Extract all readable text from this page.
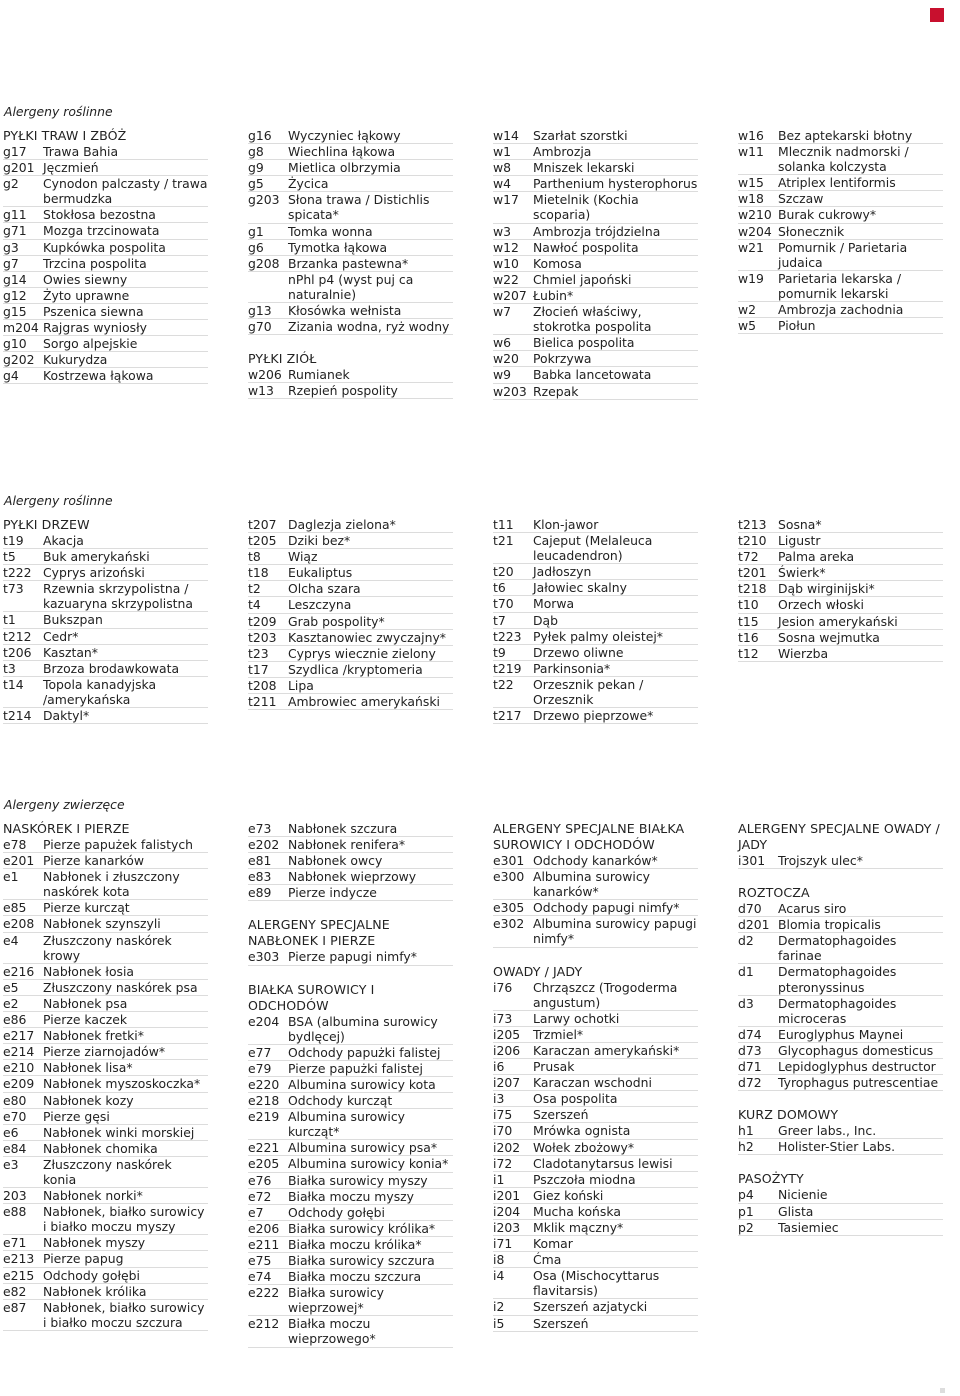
Alergeny roślinne
PYŁKI TRAW I ZBÓŻ
g17	Trawa Bahia
g201 Jęczmień
g2	Cynodon palczasty / trawa bermudzka
g11	Stokłosa bezostna
g71	Mozga trzcinowata
g3	Kupkówka pospolita
g7	Trzcina pospolita
g14	Owies siewny
g12	Żyto uprawne
g15	Pszenica siewna
m204 Rajgras wyniosły
g10	Sorgo alpejskie
g202 Kukurydza
g4	Kostrzewa łąkowa
g16	Wyczyniec łąkowy
g8	Wiechlina łąkowa
g9	Mietlica olbrzymia
g5	Życica
g203 Słona trawa / Distichlis spicata*
g1	Tomka wonna
g6	Tymotka łąkowa
g208 Brzanka pastewna*
nPhl p4 (wyst puj ca naturalnie)
g13	Kłosówka wełnista
g70	Zizania wodna, ryż wodny
PYŁKI ZIÓŁ
w206 Rumianek
w13	Rzepień pospolity
w14	Szarłat szorstki
w1	Ambrozja
w8	Mniszek lekarski
w4	Parthenium hysterophorus
w17	Mietelnik (Kochia scoparia)
w3	Ambrozja trójdzielna
w12	Nawłoć pospolita
w10	Komosa
w22	Chmiel japoński
w207 Łubin*
w7	Złocień właściwy, stokrotka pospolita
w6	Bielica pospolita
w20	Pokrzywa
w9	Babka lancetowata
w203 Rzepak
w16	Bez aptekarski błotny
w11	Mlecznik nadmorski / solanka kolczysta
w15	Atriplex lentiformis
w18	Szczaw
w210 Burak cukrowy*
w204 Słonecznik
w21	Pomurnik / Parietaria judaica
w19	Parietaria lekarska / pomurnik lekarski
w2	Ambrozja zachodnia
w5	Piołun
Alergeny roślinne
PYŁKI DRZEW
t19	Akacja
t5	Buk amerykański
t222 Cyprys arizoński
t73	Rzewnia skrzypolistna / kazuaryna skrzypolistna
t1	Bukszpan
t212 Cedr*
t206 Kasztan*
t3	Brzoza brodawkowata
t14	Topola kanadyjska /amerykańska
t214 Daktyl*
t207 Daglezja zielona*
t205 Dziki bez*
t8	Wiąz
t18	Eukaliptus
t2	Olcha szara
t4	Leszczyna
t209 Grab pospolity*
t203 Kasztanowiec zwyczajny*
t23	Cyprys wiecznie zielony
t17	Szydlica /kryptomeria
t208 Lipa
t211 Ambrowiec amerykański
t11	Klon-jawor
t21	Cajeput (Melaleuca leucadendron)
t20	Jadłoszyn
t6	Jałowiec skalny
t70	Morwa
t7	Dąb
t223 Pyłek palmy oleistej*
t9	Drzewo oliwne
t219 Parkinsonia*
t22	Orzesznik pekan / Orzesznik
t217 Drzewo pieprzowe*
t213 Sosna*
t210 Ligustr
t72	Palma areka
t201 Świerk*
t218 Dąb wirginijski*
t10	Orzech włoski
t15	Jesion amerykański
t16	Sosna wejmutka
t12	Wierzba
Alergeny zwierzęce
NASKÓREK I PIERZE
e78	Pierze papużek falistych
e201 Pierze kanarków
e1	Nabłonek i złuszczony naskórek kota
e85	Pierze kurcząt
e208 Nabłonek szynszyli
e4	Złuszczony naskórek krowy
e216 Nabłonek łosia
e5	Złuszczony naskórek psa
e2	Nabłonek psa
e86	Pierze kaczek
e217 Nabłonek fretki*
e214 Pierze ziarnojadów*
e210 Nabłonek lisa*
e209 Nabłonek myszoskoczka*
e80	Nabłonek kozy
e70	Pierze gęsi
e6	Nabłonek winki morskiej
e84	Nabłonek chomika
e3	Złuszczony naskórek konia
203	Nabłonek norki*
e88	Nabłonek, białko surowicy i białko moczu myszy
e71	Nabłonek myszy
e213 Pierze papug
e215 Odchody gołębi
e82	Nabłonek królika
e87	Nabłonek, białko surowicy i białko moczu szczura
e73	Nabłonek szczura
e202 Nabłonek renifera*
e81	Nabłonek owcy
e83	Nabłonek wieprzowy
e89	Pierze indycze
ALERGENY SPECJALNE NABŁONEK I PIERZE
e303 Pierze papugi nimfy*
BIAŁKA SUROWICY I ODCHODÓW
e204 BSA (albumina surowicy bydlęcej)
e77	Odchody papużki falistej
e79	Pierze papużki falistej
e220 Albumina surowicy kota
e218 Odchody kurcząt
e219 Albumina surowicy kurcząt*
e221 Albumina surowicy psa*
e205 Albumina surowicy konia*
e76	Białka surowicy myszy
e72	Białka moczu myszy
e7	Odchody gołębi
e206 Białka surowicy królika*
e211 Białka moczu królika*
e75	Białka surowicy szczura
e74	Białka moczu szczura
e222 Białka surowicy wieprzowej*
e212 Białka moczu wieprzowego*
ALERGENY SPECJALNE BIAŁKA SUROWICY I ODCHODÓW
e301 Odchody kanarków*
e300 Albumina surowicy kanarków*
e305 Odchody papugi nimfy*
e302 Albumina surowicy papugi nimfy*
OWADY / JADY
i76	Chrząszcz (Trogoderma angustum)
i73	Larwy ochotki
i205	Trzmiel*
i206	Karaczan amerykański*
i6	Prusak
i207	Karaczan wschodni
i3	Osa pospolita
i75	Szerszeń
i70	Mrówka ognista
i202	Wołek zbożowy*
i72	Cladotanytarsus lewisi
i1	Pszczoła miodna
i201	Giez koński
i204	Mucha końska
i203	Mklik mączny*
i71	Komar
i8	Ćma
i4	Osa (Mischocyttarus flavitarsis)
i2	Szerszeń azjatycki
i5	Szerszeń
ALERGENY SPECJALNE OWADY / JADY
i301	Trojszyk ulec*
ROZTOCZA
d70	Acarus siro
d201 Blomia tropicalis
d2	Dermatophagoides farinae
d1	Dermatophagoides pteronyssinus
d3	Dermatophagoides microceras
d74	Euroglyphus Maynei
d73	Glycophagus domesticus
d71	Lepidoglyphus destructor
d72	Tyrophagus putrescentiae
KURZ DOMOWY
h1	Greer labs., Inc.
h2	Holister-Stier Labs.
PASOŻYTY
p4	Nicienie
p1	Glista
p2	Tasiemiec
